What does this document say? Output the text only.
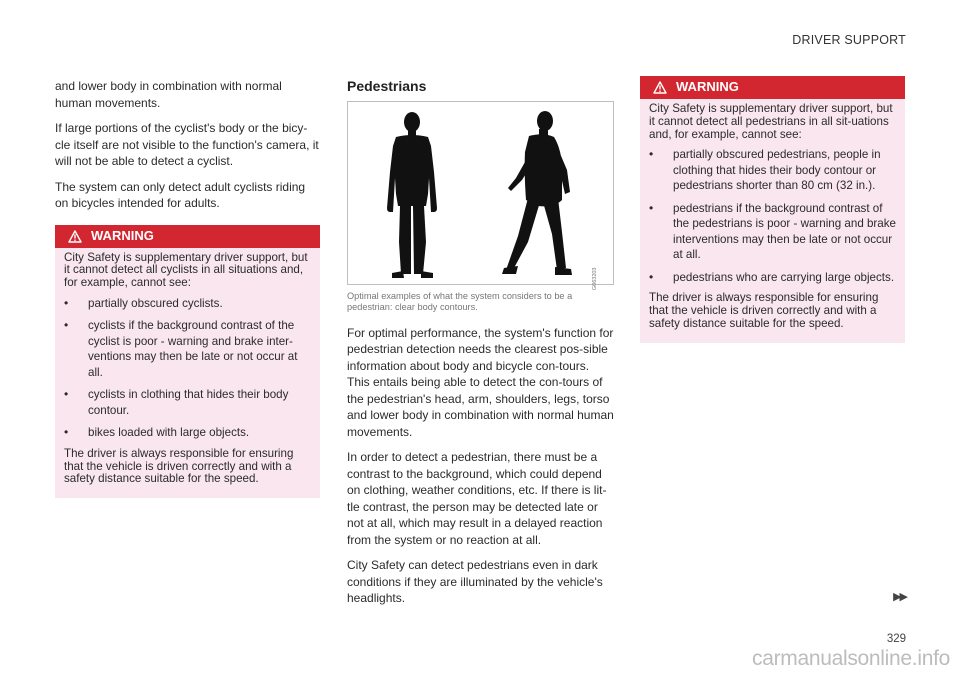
DRIVER SUPPORT

and lower body in combination with normal human movements.

If large portions of the cyclist's body or the bicy-cle itself are not visible to the function's camera, it will not be able to detect a cyclist.

The system can only detect adult cyclists riding on bicycles intended for adults.

WARNING

City Safety is supplementary driver support, but it cannot detect all cyclists in all situations and, for example, cannot see:

• partially obscured cyclists.
• cyclists if the background contrast of the cyclist is poor - warning and brake inter-ventions may then be late or not occur at all.
• cyclists in clothing that hides their body contour.
• bikes loaded with large objects.

The driver is always responsible for ensuring that the vehicle is driven correctly and with a safety distance suitable for the speed.

Pedestrians
G063203

Optimal examples of what the system considers to be a pedestrian: clear body contours.

For optimal performance, the system's function for pedestrian detection needs the clearest pos-sible information about body and bicycle con-tours. This entails being able to detect the con-tours of the pedestrian's head, arm, shoulders, legs, torso and lower body in combination with normal human movements.

In order to detect a pedestrian, there must be a contrast to the background, which could depend on clothing, weather conditions, etc. If there is lit-tle contrast, the person may be detected late or not at all, which may result in a delayed reaction from the system or no reaction at all.

City Safety can detect pedestrians even in dark conditions if they are illuminated by the vehicle's headlights.

WARNING

City Safety is supplementary driver support, but it cannot detect all pedestrians in all sit-uations and, for example, cannot see:

• partially obscured pedestrians, people in clothing that hides their body contour or pedestrians shorter than 80 cm (32 in.).
• pedestrians if the background contrast of the pedestrians is poor - warning and brake interventions may then be late or not occur at all.
• pedestrians who are carrying large objects.

The driver is always responsible for ensuring that the vehicle is driven correctly and with a safety distance suitable for the speed.

▶▶
329
carmanualsonline.info
